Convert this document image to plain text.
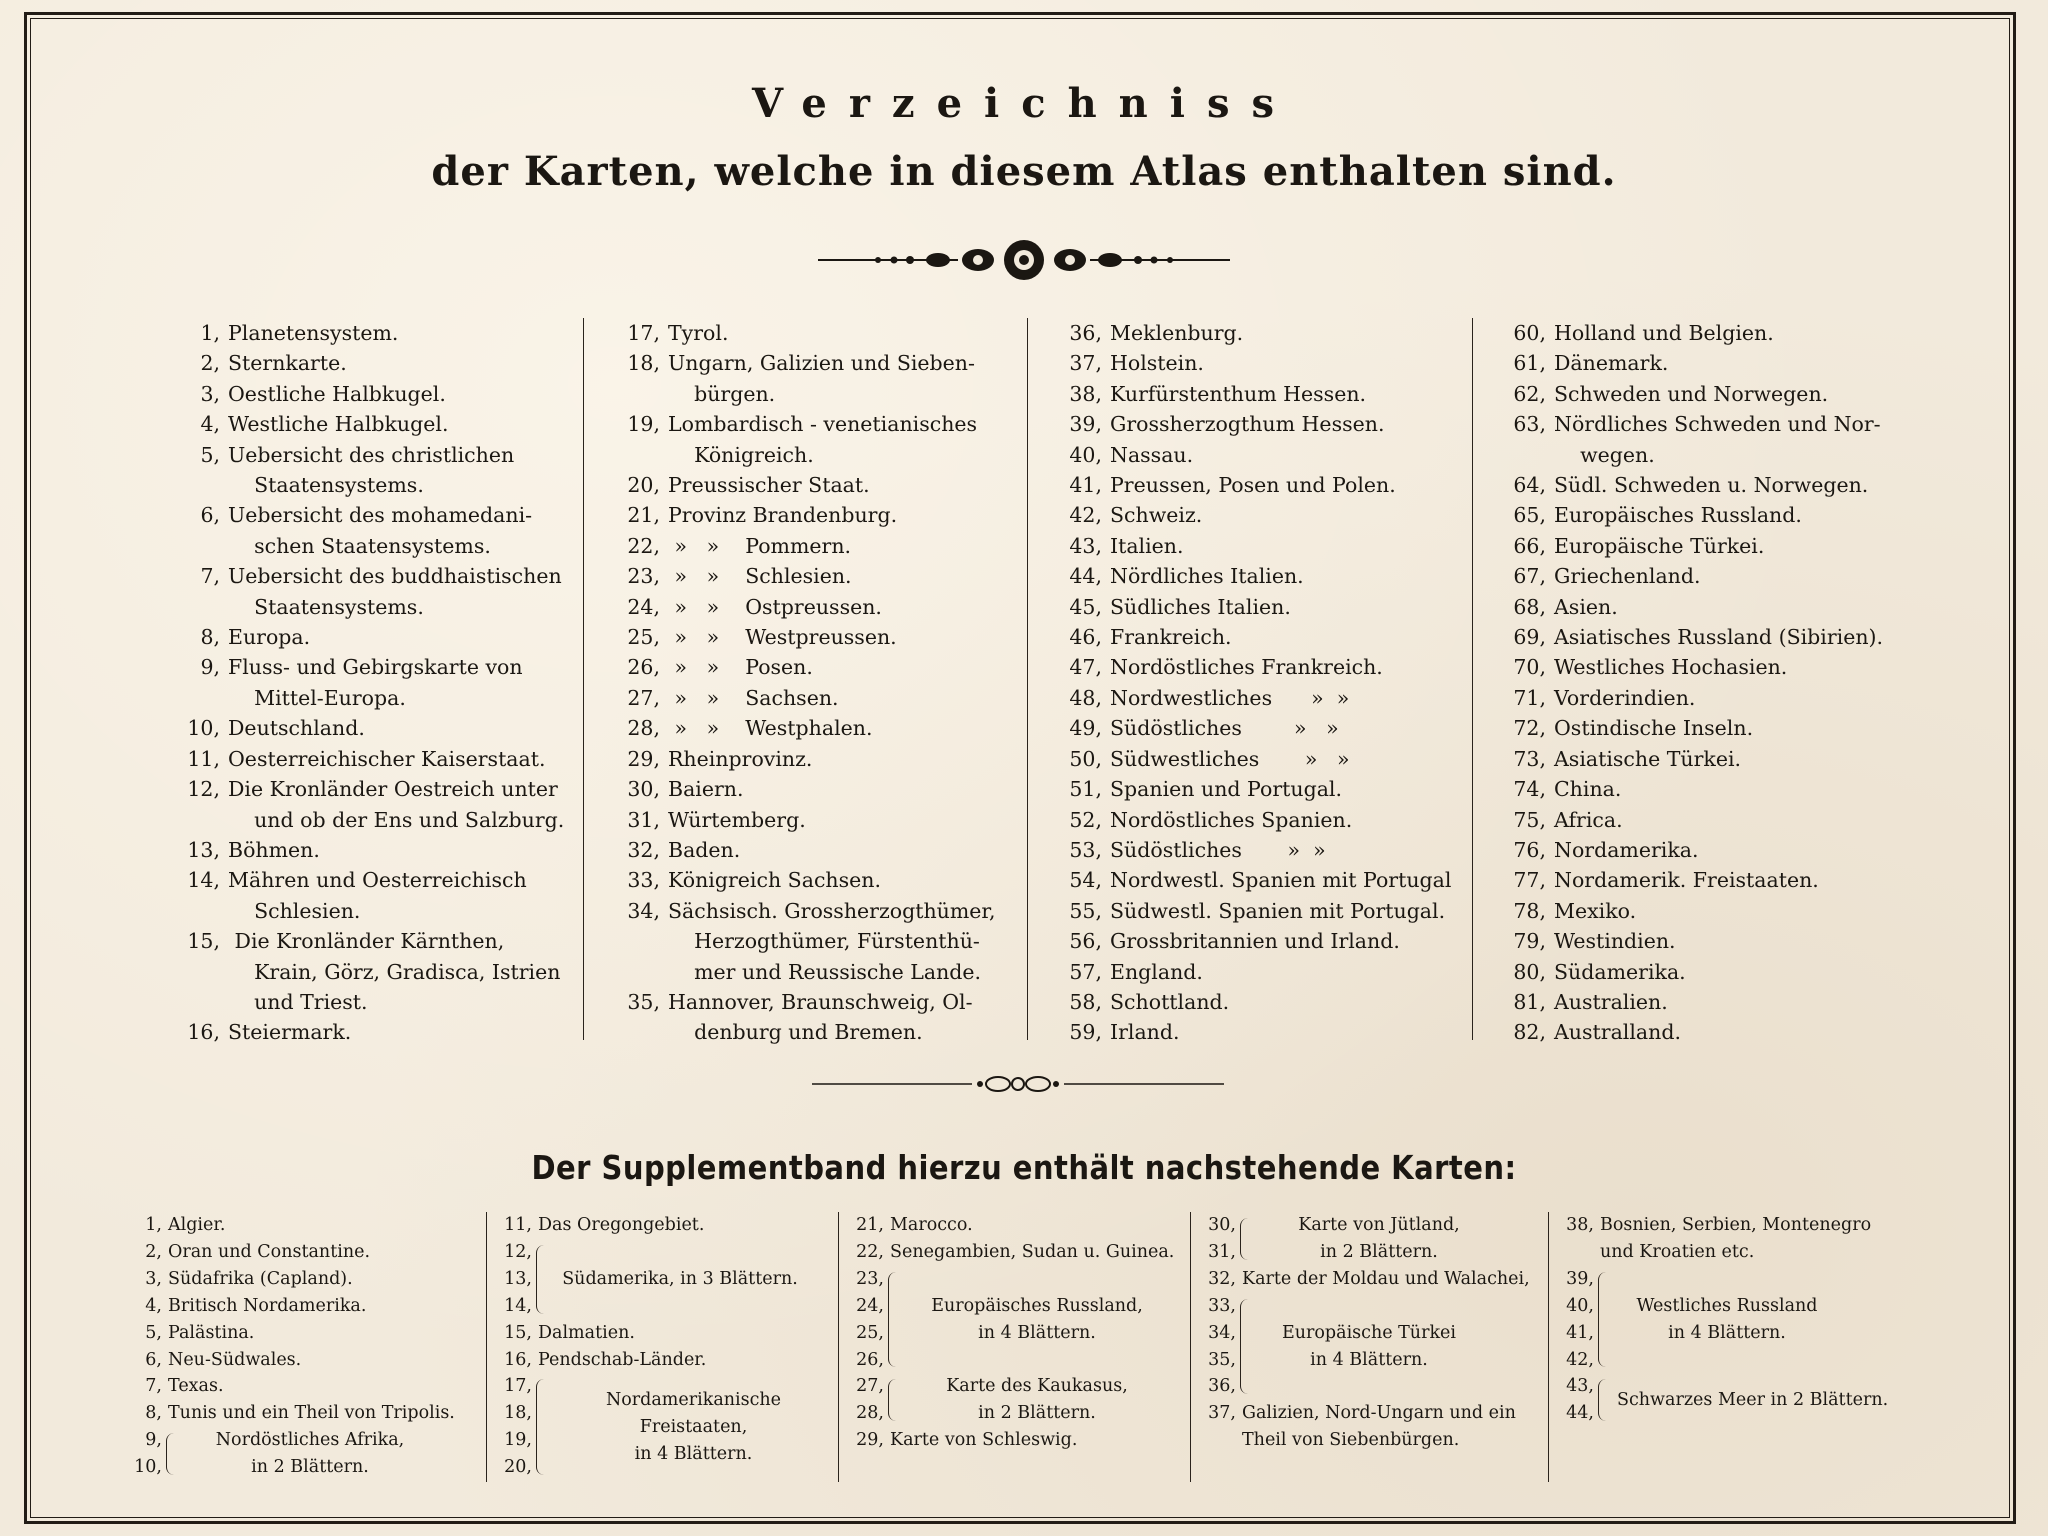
Verzeichniss
der Karten, welche in diesem Atlas enthalten sind.
1, Planetensystem.
2, Sternkarte.
3, Oestliche Halbkugel.
4, Westliche Halbkugel.
5, Uebersicht des christlichen
Staatensystems.
6, Uebersicht des mohamedani-
schen Staatensystems.
7, Uebersicht des buddhaistischen
Staatensystems.
8, Europa.
9, Fluss- und Gebirgskarte von
Mittel-Europa.
10, Deutschland.
11, Oesterreichischer Kaiserstaat.
12, Die Kronländer Oestreich unter
und ob der Ens und Salzburg.
13, Böhmen.
14, Mähren und Oesterreichisch
Schlesien.
15, Die Kronländer Kärnthen,
Krain, Görz, Gradisca, Istrien
und Triest.
16, Steiermark.
17, Tyrol.
18, Ungarn, Galizien und Sieben-
bürgen.
19, Lombardisch - venetianisches
Königreich.
20, Preussischer Staat.
21, Provinz Brandenburg.
22, »   »    Pommern.
23, »   »    Schlesien.
24, »   »    Ostpreussen.
25, »   »    Westpreussen.
26, »   »    Posen.
27, »   »    Sachsen.
28, »   »    Westphalen.
29, Rheinprovinz.
30, Baiern.
31, Würtemberg.
32, Baden.
33, Königreich Sachsen.
34, Sächsisch. Grossherzogthümer,
Herzogthümer, Fürstenthü-
mer und Reussische Lande.
35, Hannover, Braunschweig, Ol-
denburg und Bremen.
36, Meklenburg.
37, Holstein.
38, Kurfürstenthum Hessen.
39, Grossherzogthum Hessen.
40, Nassau.
41, Preussen, Posen und Polen.
42, Schweiz.
43, Italien.
44, Nördliches Italien.
45, Südliches Italien.
46, Frankreich.
47, Nordöstliches Frankreich.
48, Nordwestliches      »  »
49, Südöstliches        »   »
50, Südwestliches       »   »
51, Spanien und Portugal.
52, Nordöstliches Spanien.
53, Südöstliches       »  »
54, Nordwestl. Spanien mit Portugal
55, Südwestl. Spanien mit Portugal.
56, Grossbritannien und Irland.
57, England.
58, Schottland.
59, Irland.
60, Holland und Belgien.
61, Dänemark.
62, Schweden und Norwegen.
63, Nördliches Schweden und Nor-
wegen.
64, Südl. Schweden u. Norwegen.
65, Europäisches Russland.
66, Europäische Türkei.
67, Griechenland.
68, Asien.
69, Asiatisches Russland (Sibirien).
70, Westliches Hochasien.
71, Vorderindien.
72, Ostindische Inseln.
73, Asiatische Türkei.
74, China.
75, Africa.
76, Nordamerika.
77, Nordamerik. Freistaaten.
78, Mexiko.
79, Westindien.
80, Südamerika.
81, Australien.
82, Australland.
Der Supplementband hierzu enthält nachstehende Karten:
1, Algier.
2, Oran und Constantine.
3, Südafrika (Capland).
4, Britisch Nordamerika.
5, Palästina.
6, Neu-Südwales.
7, Texas.
8, Tunis und ein Theil von Tripolis.
9,
10,
Nordöstliches Afrika,
in 2 Blättern.
11, Das Oregongebiet.
12,
13,
14,
Südamerika, in 3 Blättern.
15, Dalmatien.
16, Pendschab-Länder.
17,
18,
19,
20,
Nordamerikanische Freistaaten,
in 4 Blättern.
21, Marocco.
22, Senegambien, Sudan u. Guinea.
23,
24,
25,
26,
Europäisches Russland,
in 4 Blättern.
27,
28,
Karte des Kaukasus,
in 2 Blättern.
29, Karte von Schleswig.
30,
31,
Karte von Jütland,
in 2 Blättern.
32, Karte der Moldau und Walachei,
33,
34,
35,
36,
Europäische Türkei
in 4 Blättern.
37, Galizien, Nord-Ungarn und ein
Theil von Siebenbürgen.
38, Bosnien, Serbien, Montenegro
und Kroatien etc.
39,
40,
41,
42,
Westliches Russland
in 4 Blättern.
43,
44,
Schwarzes Meer in 2 Blättern.
